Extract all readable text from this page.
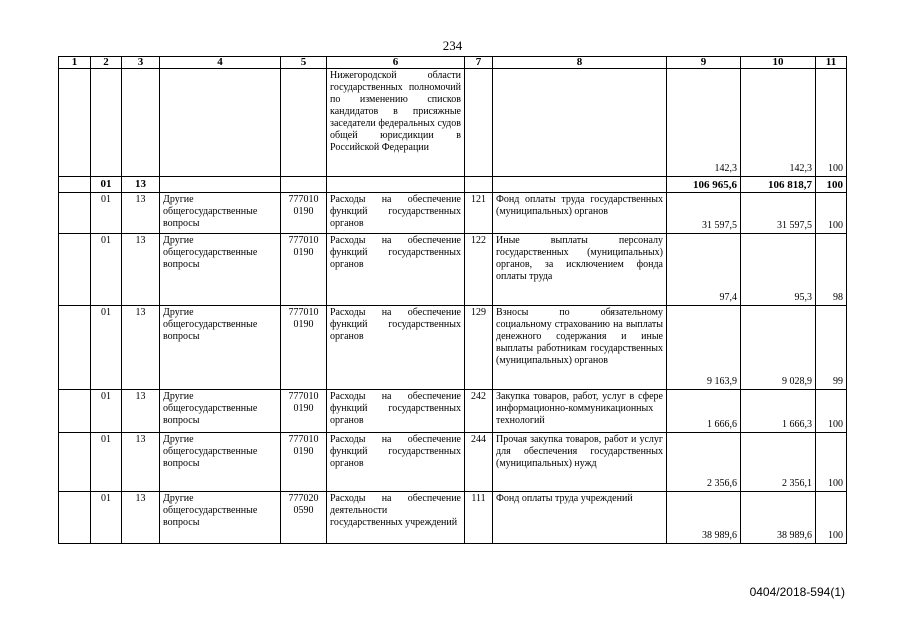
234
1	2	3	4	5	6	7	8	9	10	11
					Нижегородской области государственных полномочий по изменению списков кандидатов в присяжные заседатели федеральных судов общей юрисдикции в Российской Федерации			142,3	142,3	100
	01	13						106 965,6	106 818,7	100
	01	13	Другие общегосударственные вопросы	777010 0190	Расходы на обеспечение функций государственных органов	121	Фонд оплаты труда государственных (муниципальных) органов	31 597,5	31 597,5	100
	01	13	Другие общегосударственные вопросы	777010 0190	Расходы на обеспечение функций государственных органов	122	Иные выплаты персоналу государственных (муниципальных) органов, за исключением фонда оплаты труда	97,4	95,3	98
	01	13	Другие общегосударственные вопросы	777010 0190	Расходы на обеспечение функций государственных органов	129	Взносы по обязательному социальному страхованию на выплаты денежного содержания и иные выплаты работникам государственных (муниципальных) органов	9 163,9	9 028,9	99
	01	13	Другие общегосударственные вопросы	777010 0190	Расходы на обеспечение функций государственных органов	242	Закупка товаров, работ, услуг в сфере информационно-коммуникационных технологий	1 666,6	1 666,3	100
	01	13	Другие общегосударственные вопросы	777010 0190	Расходы на обеспечение функций государственных органов	244	Прочая закупка товаров, работ и услуг для обеспечения государственных (муниципальных) нужд	2 356,6	2 356,1	100
	01	13	Другие общегосударственные вопросы	777020 0590	Расходы на обеспечение деятельности государственных учреждений	111	Фонд оплаты труда учреждений	38 989,6	38 989,6	100
0404/2018-594(1)
